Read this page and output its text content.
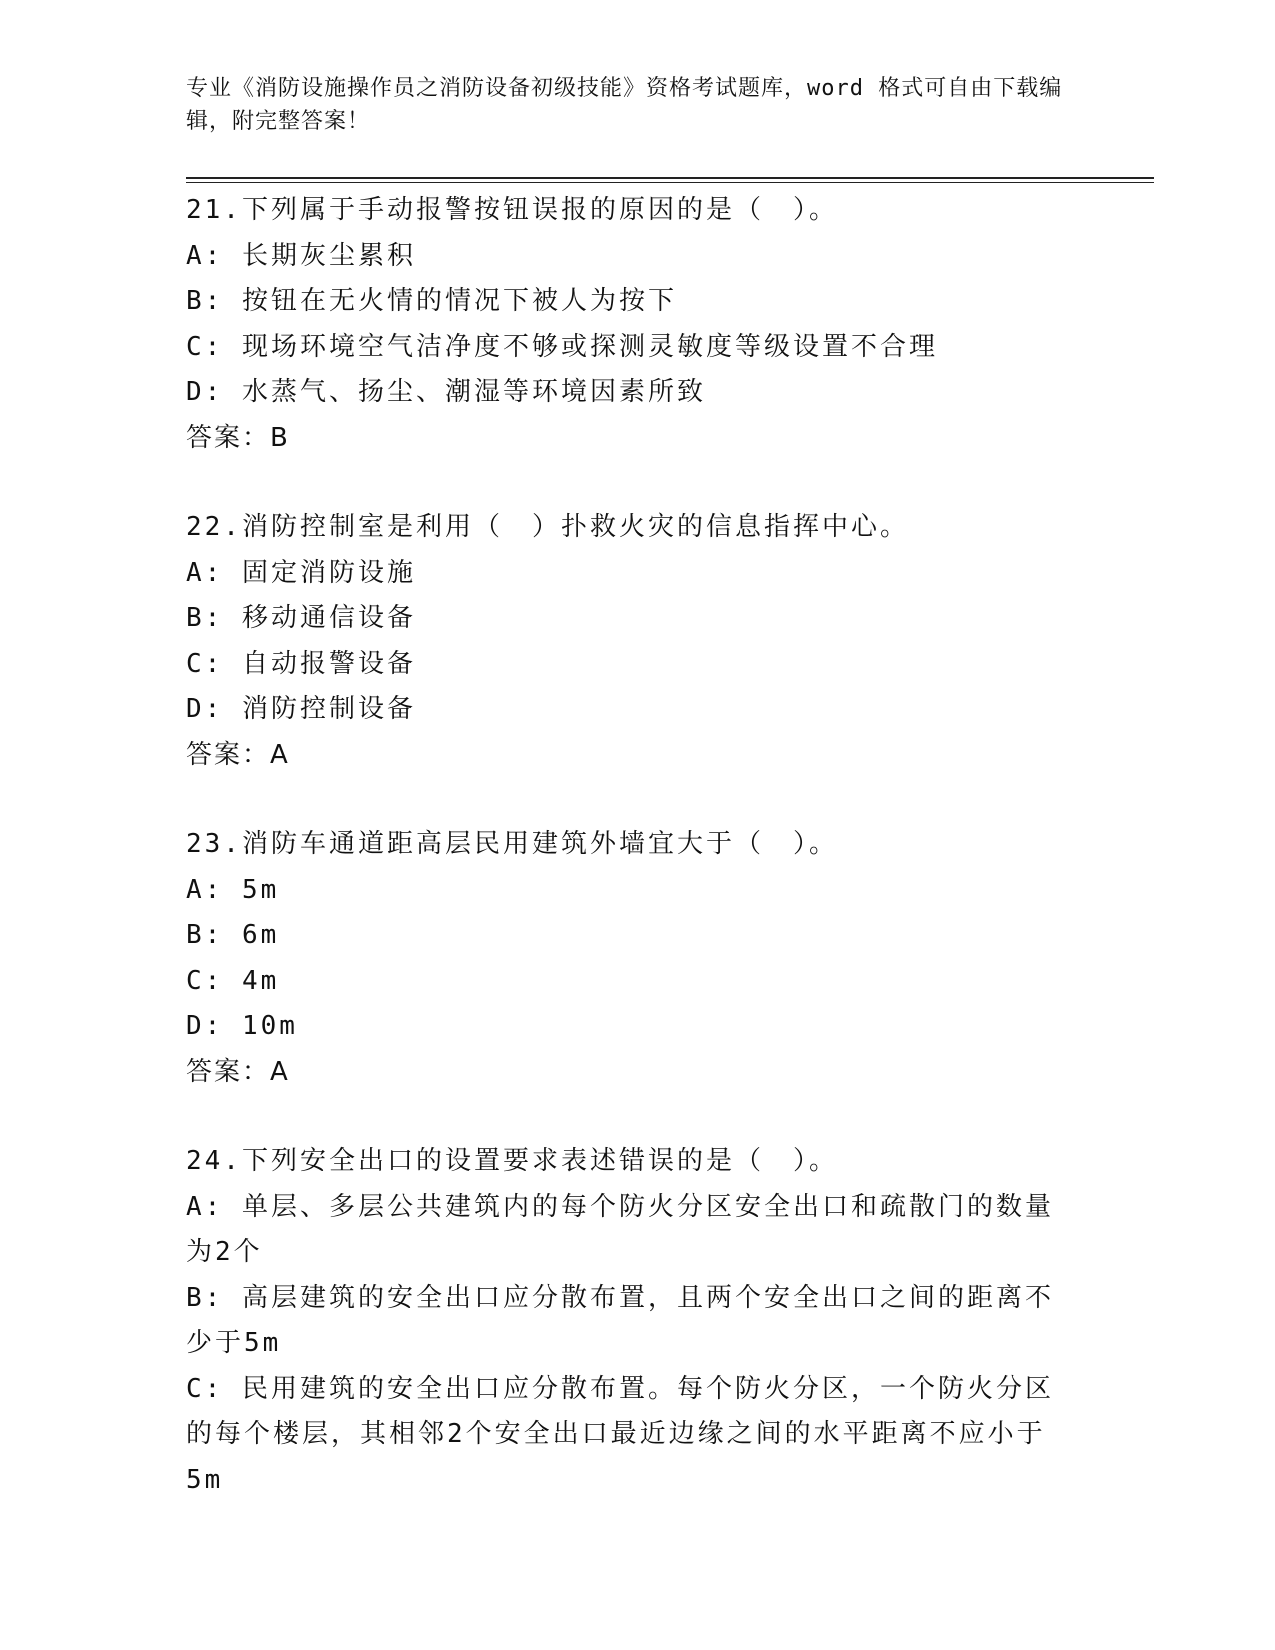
专业《消防设施操作员之消防设备初级技能》资格考试题库，word 格式可自由下载编辑，附完整答案！
21.下列属于手动报警按钮误报的原因的是（　）。
A: 长期灰尘累积
B: 按钮在无火情的情况下被人为按下
C: 现场环境空气洁净度不够或探测灵敏度等级设置不合理
D: 水蒸气、扬尘、潮湿等环境因素所致
答案：B
22.消防控制室是利用（　）扑救火灾的信息指挥中心。
A: 固定消防设施
B: 移动通信设备
C: 自动报警设备
D: 消防控制设备
答案：A
23.消防车通道距高层民用建筑外墙宜大于（　）。
A: 5m
B: 6m
C: 4m
D: 10m
答案：A
24.下列安全出口的设置要求表述错误的是（　）。
A: 单层、多层公共建筑内的每个防火分区安全出口和疏散门的数量为2个
B: 高层建筑的安全出口应分散布置，且两个安全出口之间的距离不少于5m
C: 民用建筑的安全出口应分散布置。每个防火分区，一个防火分区的每个楼层，其相邻2个安全出口最近边缘之间的水平距离不应小于5m
